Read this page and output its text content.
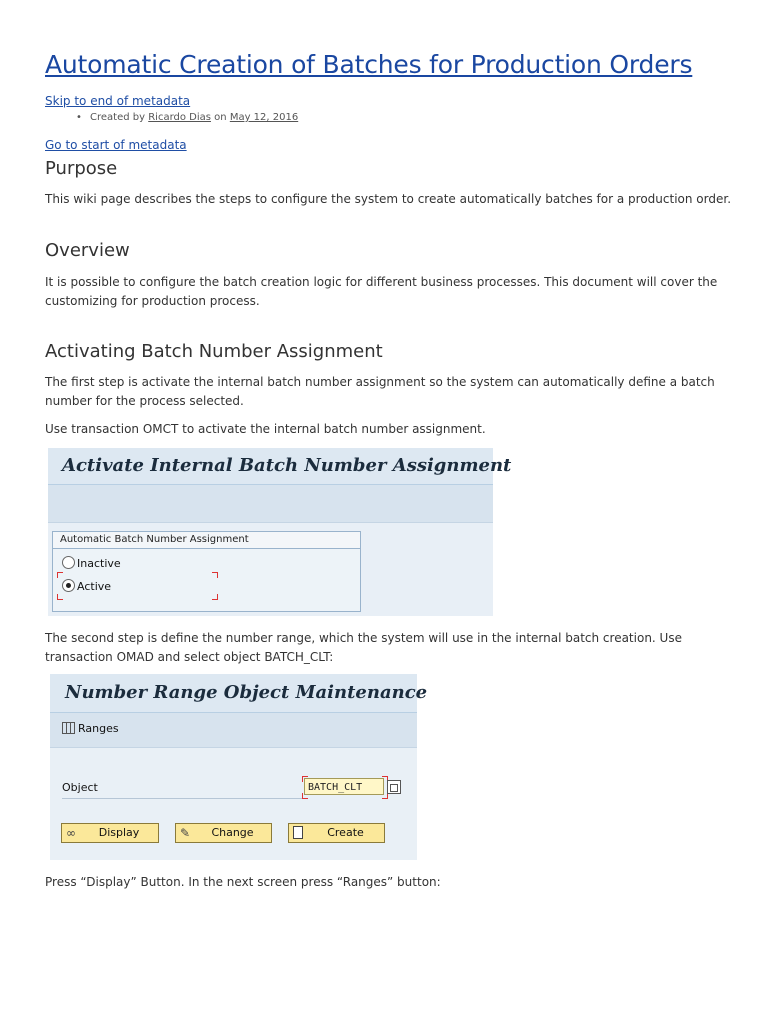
Automatic Creation of Batches for Production Orders
Skip to end of metadata
• Created by Ricardo Dias on May 12, 2016
Go to start of metadata
Purpose
This wiki page describes the steps to configure the system to create automatically batches for a production order.
Overview
It is possible to configure the batch creation logic for different business processes. This document will cover the customizing for production process.
Activating Batch Number Assignment
The first step is activate the internal batch number assignment so the system can automatically define a batch number for the process selected.
Use transaction OMCT to activate the internal batch number assignment.
Activate Internal Batch Number Assignment
Automatic Batch Number Assignment
Inactive
Active
The second step is define the number range, which the system will use in the internal batch creation. Use transaction OMAD and select object BATCH_CLT:
Number Range Object Maintenance
Ranges
Object	BATCH_CLT
∞	Display	✎	Change	Create
Press “Display” Button. In the next screen press “Ranges” button:
